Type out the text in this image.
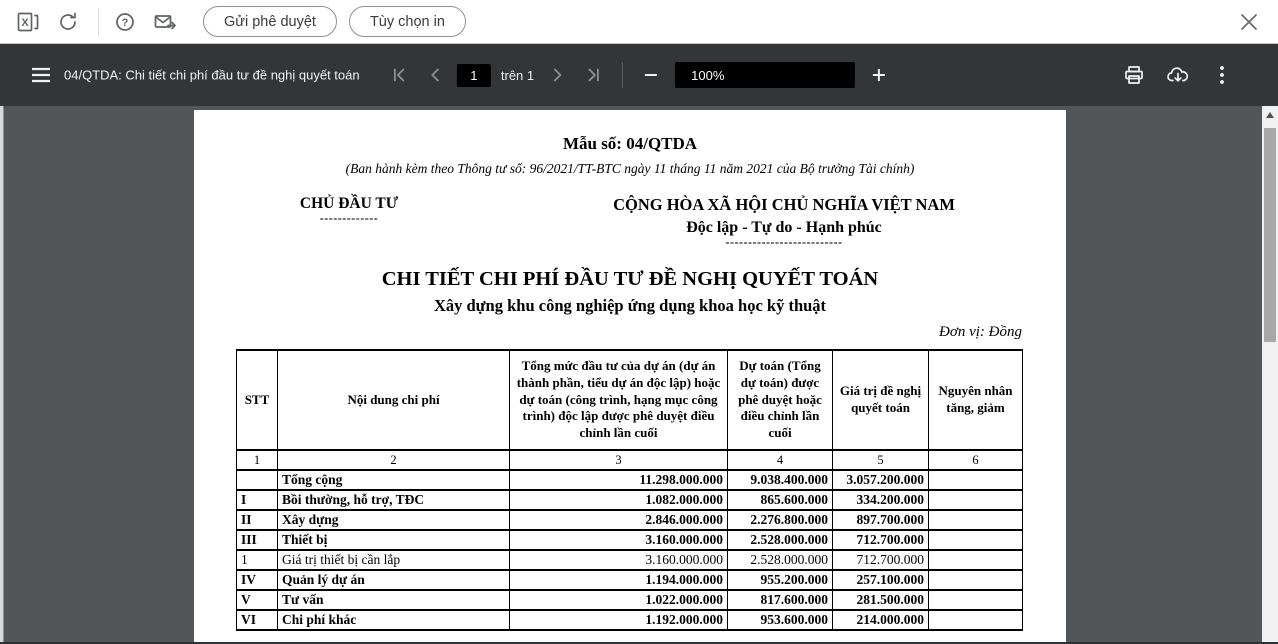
X	?	Gửi phê duyệt	Tùy chọn in
04/QTDA: Chi tiết chi phí đầu tư đề nghị quyết toán	1	trên 1	100%
Mẫu số: 04/QTDA
(Ban hành kèm theo Thông tư số: 96/2021/TT-BTC ngày 11 tháng 11 năm 2021 của Bộ trưởng Tài chính)
CHỦ ĐẦU TƯ
-------------
CỘNG HÒA XÃ HỘI CHỦ NGHĨA VIỆT NAM
Độc lập - Tự do - Hạnh phúc
--------------------------
CHI TIẾT CHI PHÍ ĐẦU TƯ ĐỀ NGHỊ QUYẾT TOÁN
Xây dựng khu công nghiệp ứng dụng khoa học kỹ thuật
Đơn vị: Đồng
STT	Nội dung chi phí	Tổng mức đầu tư của dự án (dự án thành phần, tiểu dự án độc lập) hoặc dự toán (công trình, hạng mục công trình) độc lập được phê duyệt điều chỉnh lần cuối	Dự toán (Tổng dự toán) được phê duyệt hoặc điều chỉnh lần cuối	Giá trị đề nghị quyết toán	Nguyên nhân tăng, giảm
1	2	3	4	5	6
	Tổng cộng	11.298.000.000	9.038.400.000	3.057.200.000	
I	Bồi thường, hỗ trợ, TĐC	1.082.000.000	865.600.000	334.200.000	
II	Xây dựng	2.846.000.000	2.276.800.000	897.700.000	
III	Thiết bị	3.160.000.000	2.528.000.000	712.700.000	
1	Giá trị thiết bị cần lắp	3.160.000.000	2.528.000.000	712.700.000	
IV	Quản lý dự án	1.194.000.000	955.200.000	257.100.000	
V	Tư vấn	1.022.000.000	817.600.000	281.500.000	
VI	Chi phí khác	1.192.000.000	953.600.000	214.000.000	
